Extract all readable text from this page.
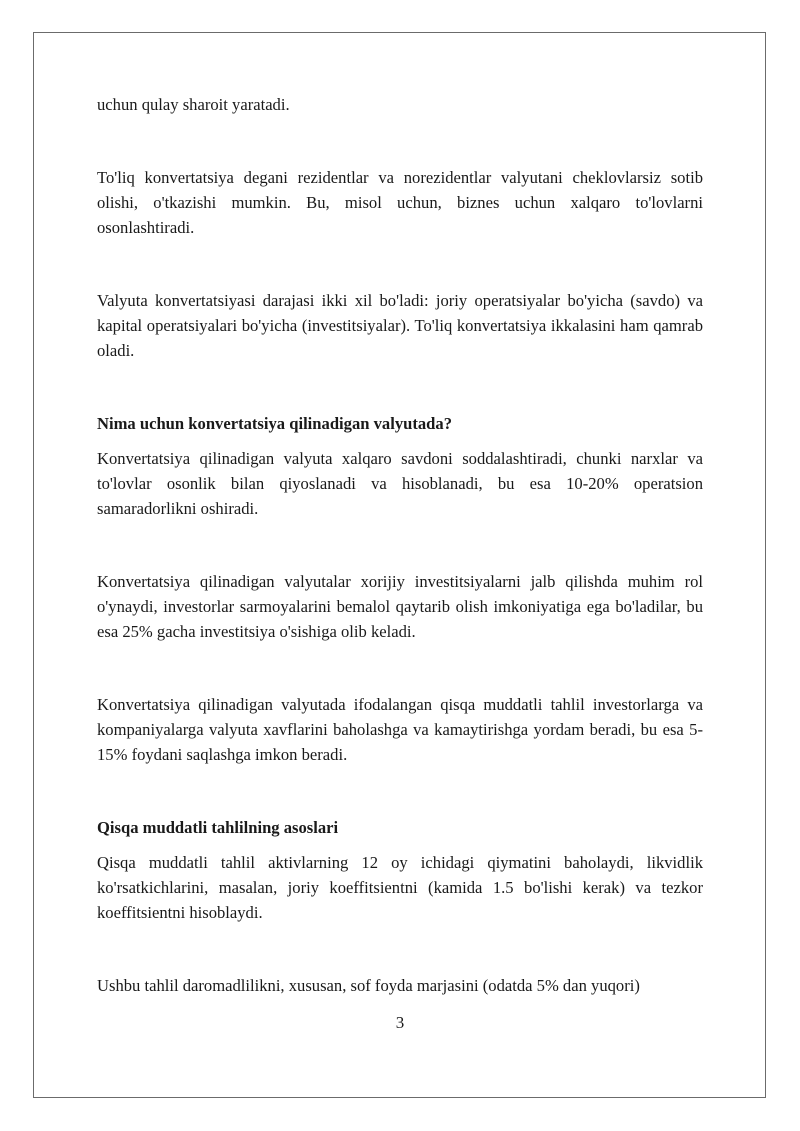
uchun qulay sharoit yaratadi.

To'liq konvertatsiya degani rezidentlar va norezidentlar valyutani cheklovlarsiz sotib olishi, o'tkazishi mumkin. Bu, misol uchun, biznes uchun xalqaro to'lovlarni osonlashtiradi.

Valyuta konvertatsiyasi darajasi ikki xil bo'ladi: joriy operatsiyalar bo'yicha (savdo) va kapital operatsiyalari bo'yicha (investitsiyalar). To'liq konvertatsiya ikkalasini ham qamrab oladi.

Nima uchun konvertatsiya qilinadigan valyutada?

Konvertatsiya qilinadigan valyuta xalqaro savdoni soddalashtiradi, chunki narxlar va to'lovlar osonlik bilan qiyoslanadi va hisoblanadi, bu esa 10-20% operatsion samaradorlikni oshiradi.

Konvertatsiya qilinadigan valyutalar xorijiy investitsiyalarni jalb qilishda muhim rol o'ynaydi, investorlar sarmoyalarini bemalol qaytarib olish imkoniyatiga ega bo'ladilar, bu esa 25% gacha investitsiya o'sishiga olib keladi.

Konvertatsiya qilinadigan valyutada ifodalangan qisqa muddatli tahlil investorlarga va kompaniyalarga valyuta xavflarini baholashga va kamaytirishga yordam beradi, bu esa 5-15% foydani saqlashga imkon beradi.

Qisqa muddatli tahlilning asoslari

Qisqa muddatli tahlil aktivlarning 12 oy ichidagi qiymatini baholaydi, likvidlik ko'rsatkichlarini, masalan, joriy koeffitsientni (kamida 1.5 bo'lishi kerak) va tezkor koeffitsientni hisoblaydi.

Ushbu tahlil daromadlilikni, xususan, sof foyda marjasini (odatda 5% dan yuqori)

3
